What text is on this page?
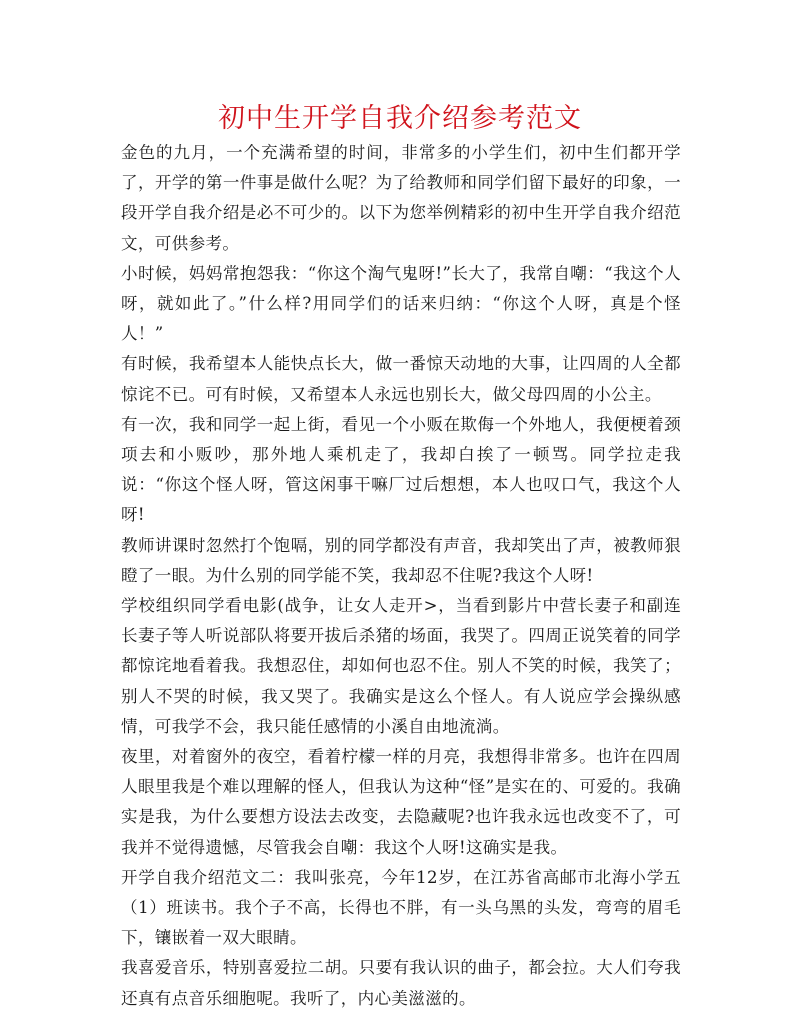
初中生开学自我介绍参考范文

金色的九月，一个充满希望的时间，非常多的小学生们，初中生们都开学了，开学的第一件事是做什么呢？为了给教师和同学们留下最好的印象，一段开学自我介绍是必不可少的。以下为您举例精彩的初中生开学自我介绍范文，可供参考。

小时候，妈妈常抱怨我：“你这个淘气鬼呀!”长大了，我常自嘲：“我这个人呀，就如此了。”什么样?用同学们的话来归纳：“你这个人呀，真是个怪人！”

有时候，我希望本人能快点长大，做一番惊天动地的大事，让四周的人全都惊诧不已。可有时候，又希望本人永远也别长大，做父母四周的小公主。

有一次，我和同学一起上街，看见一个小贩在欺侮一个外地人，我便梗着颈项去和小贩吵，那外地人乘机走了，我却白挨了一顿骂。同学拉走我说：“你这个怪人呀，管这闲事干嘛厂过后想想，本人也叹口气，我这个人呀!

教师讲课时忽然打个饱嗝，别的同学都没有声音，我却笑出了声，被教师狠瞪了一眼。为什么别的同学能不笑，我却忍不住呢?我这个人呀!

学校组织同学看电影(战争，让女人走开>，当看到影片中营长妻子和副连长妻子等人听说部队将要开拔后杀猪的场面，我哭了。四周正说笑着的同学都惊诧地看着我。我想忍住，却如何也忍不住。别人不笑的时候，我笑了；别人不哭的时候，我又哭了。我确实是这么个怪人。有人说应学会操纵感情，可我学不会，我只能任感情的小溪自由地流淌。

夜里，对着窗外的夜空，看着柠檬一样的月亮，我想得非常多。也许在四周人眼里我是个难以理解的怪人，但我认为这种“怪”是实在的、可爱的。我确实是我，为什么要想方设法去改变，去隐藏呢?也许我永远也改变不了，可我并不觉得遗憾，尽管我会自嘲：我这个人呀!这确实是我。

开学自我介绍范文二：我叫张亮，今年12岁，在江苏省高邮市北海小学五（1）班读书。我个子不高，长得也不胖，有一头乌黑的头发，弯弯的眉毛下，镶嵌着一双大眼睛。

我喜爱音乐，特别喜爱拉二胡。只要有我认识的曲子，都会拉。大人们夸我还真有点音乐细胞呢。我听了，内心美滋滋的。
